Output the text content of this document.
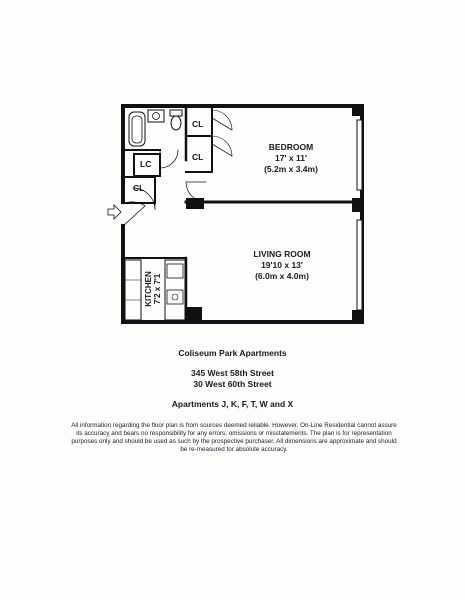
BEDROOM
17' x 11'
(5.2m x 3.4m)
LIVING ROOM
19'10 x 13'
(6.0m x 4.0m)
KITCHEN 7'2 x 7'1
CL
CL
LC
CL
Coliseum Park Apartments
345 West 58th Street
30 West 60th Street
Apartments J, K, F, T, W and X
All information regarding the floor plan is from sources deemed reliable. However, On-Line Residential cannot assure its accuracy and bears no responsibility for any errors, omissions or misstatements. The plan is for representation purposes only and should be used as such by the prospective purchaser. All dimensions are approximate and should be re-measured for absolute accuracy.
